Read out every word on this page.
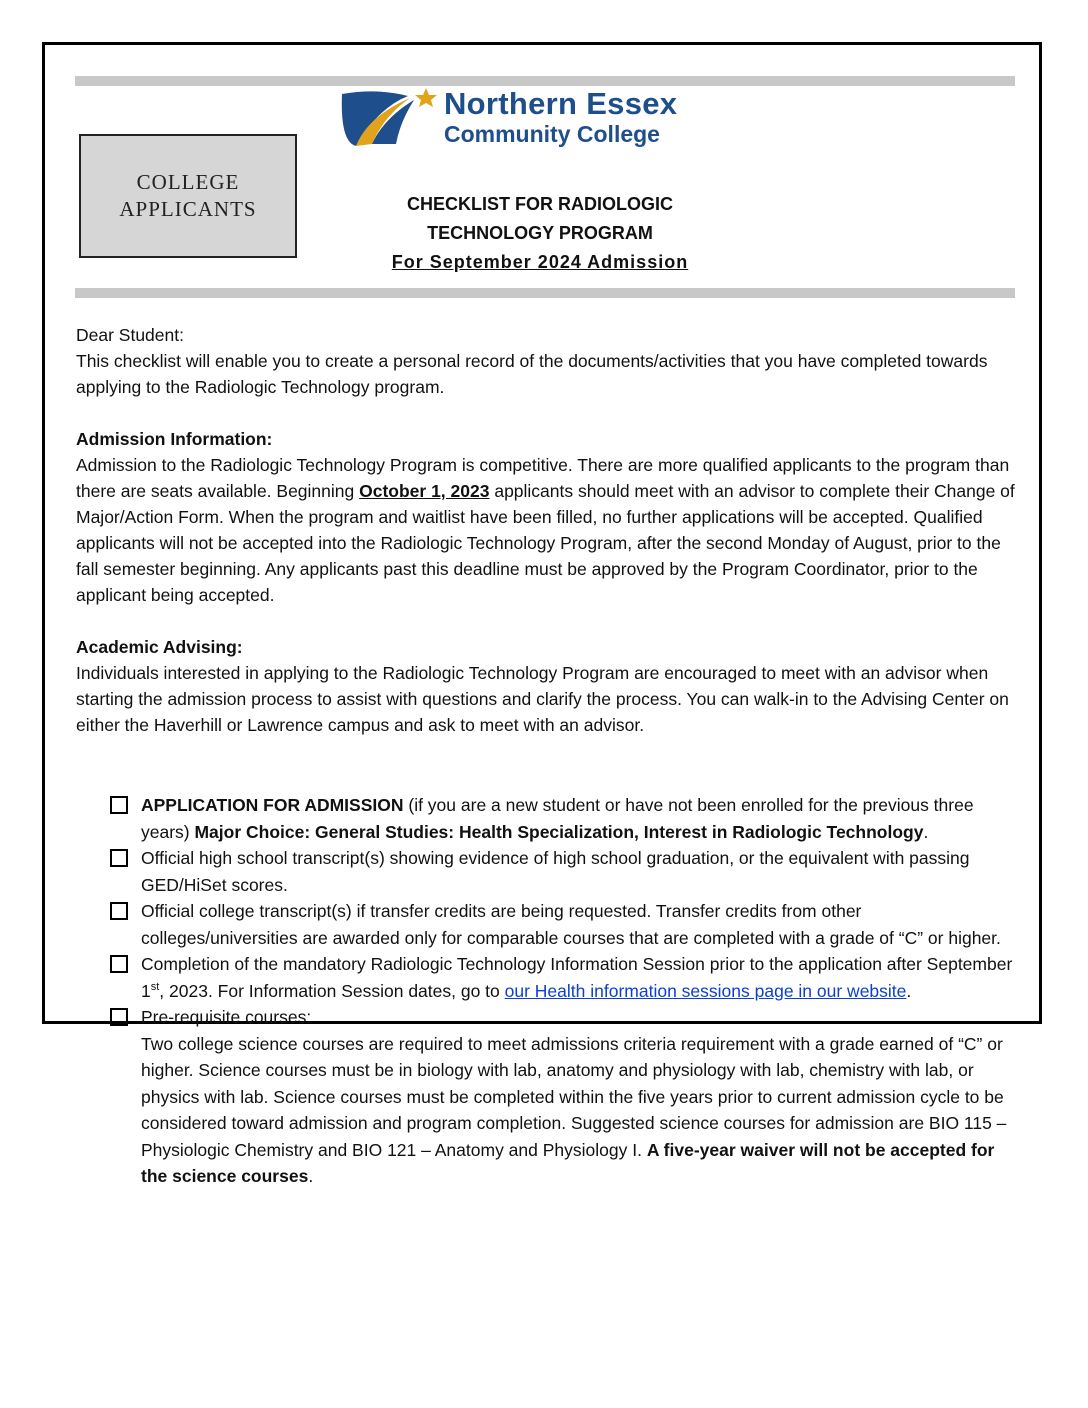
Northern Essex
Community College
COLLEGE
APPLICANTS	CHECKLIST FOR RADIOLOGIC
TECHNOLOGY PROGRAM
For September 2024 Admission

Dear Student:

This checklist will enable you to create a personal record of the documents/activities that you have completed towards applying to the Radiologic Technology program.

Admission Information:

Admission to the Radiologic Technology Program is competitive. There are more qualified applicants to the program than there are seats available. Beginning October 1, 2023 applicants should meet with an advisor to complete their Change of Major/Action Form. When the program and waitlist have been filled, no further applications will be accepted. Qualified applicants will not be accepted into the Radiologic Technology Program, after the second Monday of August, prior to the fall semester beginning. Any applicants past this deadline must be approved by the Program Coordinator, prior to the applicant being accepted.

Academic Advising:

Individuals interested in applying to the Radiologic Technology Program are encouraged to meet with an advisor when starting the admission process to assist with questions and clarify the process. You can walk-in to the Advising Center on either the Haverhill or Lawrence campus and ask to meet with an advisor.

APPLICATION FOR ADMISSION (if you are a new student or have not been enrolled for the previous three years) Major Choice: General Studies: Health Specialization, Interest in Radiologic Technology.
Official high school transcript(s) showing evidence of high school graduation, or the equivalent with passing GED/HiSet scores.
Official college transcript(s) if transfer credits are being requested. Transfer credits from other colleges/universities are awarded only for comparable courses that are completed with a grade of “C” or higher.
Completion of the mandatory Radiologic Technology Information Session prior to the application after September 1st, 2023. For Information Session dates, go to our Health information sessions page in our website.
Pre-requisite courses:
Two college science courses are required to meet admissions criteria requirement with a grade earned of “C” or higher. Science courses must be in biology with lab, anatomy and physiology with lab, chemistry with lab, or physics with lab. Science courses must be completed within the five years prior to current admission cycle to be considered toward admission and program completion. Suggested science courses for admission are BIO 115 – Physiologic Chemistry and BIO 121 – Anatomy and Physiology I. A five-year waiver will not be accepted for the science courses.
